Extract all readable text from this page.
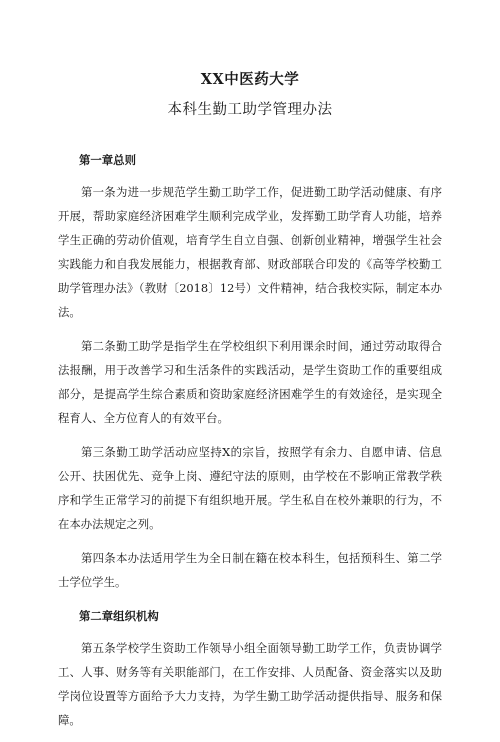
XX中医药大学
本科生勤工助学管理办法
第一章总则

第一条为进一步规范学生勤工助学工作，促进勤工助学活动健康、有序开展，帮助家庭经济困难学生顺利完成学业，发挥勤工助学育人功能，培养学生正确的劳动价值观，培育学生自立自强、创新创业精神，增强学生社会实践能力和自我发展能力，根据教育部、财政部联合印发的《高等学校勤工助学管理办法》（教财〔2018〕12号）文件精神，结合我校实际，制定本办法。

第二条勤工助学是指学生在学校组织下利用课余时间，通过劳动取得合法报酬，用于改善学习和生活条件的实践活动，是学生资助工作的重要组成部分，是提高学生综合素质和资助家庭经济困难学生的有效途径，是实现全程育人、全方位育人的有效平台。

第三条勤工助学活动应坚持X的宗旨，按照学有余力、自愿申请、信息公开、扶困优先、竞争上岗、遵纪守法的原则，由学校在不影响正常教学秩序和学生正常学习的前提下有组织地开展。学生私自在校外兼职的行为，不在本办法规定之列。

第四条本办法适用学生为全日制在籍在校本科生，包括预科生、第二学士学位学生。

第二章组织机构

第五条学校学生资助工作领导小组全面领导勤工助学工作，负责协调学工、人事、财务等有关职能部门，在工作安排、人员配备、资金落实以及助学岗位设置等方面给予大力支持，为学生勤工助学活动提供指导、服务和保障。
